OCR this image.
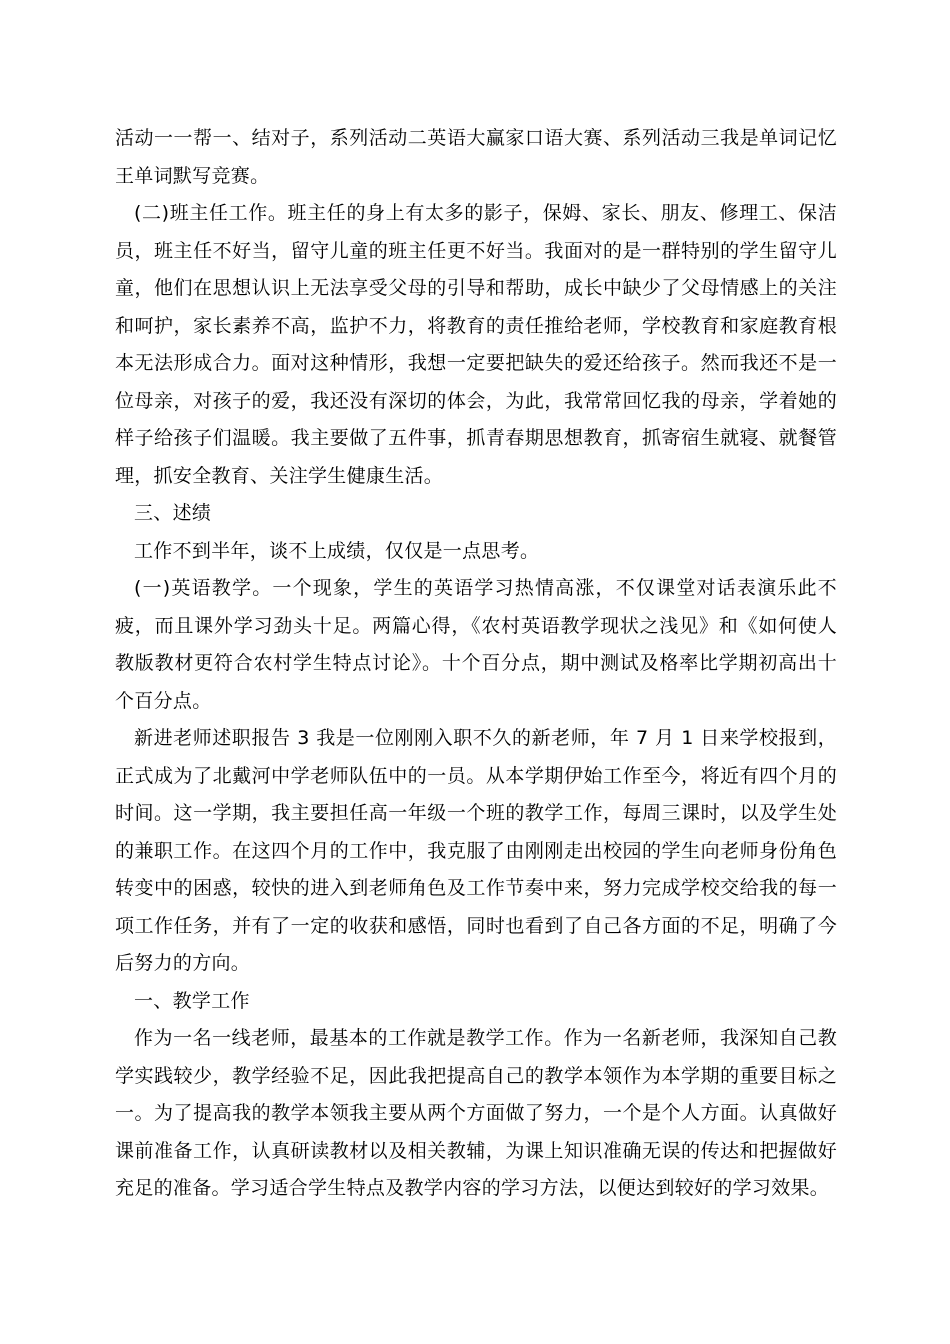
活动一一帮一、结对子，系列活动二英语大赢家口语大赛、系列活动三我是单词记忆王单词默写竞赛。

(二)班主任工作。班主任的身上有太多的影子，保姆、家长、朋友、修理工、保洁员，班主任不好当，留守儿童的班主任更不好当。我面对的是一群特别的学生留守儿童，他们在思想认识上无法享受父母的引导和帮助，成长中缺少了父母情感上的关注和呵护，家长素养不高，监护不力，将教育的责任推给老师，学校教育和家庭教育根本无法形成合力。面对这种情形，我想一定要把缺失的爱还给孩子。然而我还不是一位母亲，对孩子的爱，我还没有深切的体会，为此，我常常回忆我的母亲，学着她的样子给孩子们温暖。我主要做了五件事，抓青春期思想教育，抓寄宿生就寝、就餐管理，抓安全教育、关注学生健康生活。

三、述绩

工作不到半年，谈不上成绩，仅仅是一点思考。

(一)英语教学。一个现象，学生的英语学习热情高涨，不仅课堂对话表演乐此不疲，而且课外学习劲头十足。两篇心得，《农村英语教学现状之浅见》和《如何使人教版教材更符合农村学生特点讨论》。十个百分点，期中测试及格率比学期初高出十个百分点。

新进老师述职报告 3 我是一位刚刚入职不久的新老师，年 7 月 1 日来学校报到，正式成为了北戴河中学老师队伍中的一员。从本学期伊始工作至今，将近有四个月的时间。这一学期，我主要担任高一年级一个班的教学工作，每周三课时，以及学生处的兼职工作。在这四个月的工作中，我克服了由刚刚走出校园的学生向老师身份角色转变中的困惑，较快的进入到老师角色及工作节奏中来，努力完成学校交给我的每一项工作任务，并有了一定的收获和感悟，同时也看到了自己各方面的不足，明确了今后努力的方向。

一、教学工作

作为一名一线老师，最基本的工作就是教学工作。作为一名新老师，我深知自己教学实践较少，教学经验不足，因此我把提高自己的教学本领作为本学期的重要目标之一。为了提高我的教学本领我主要从两个方面做了努力，一个是个人方面。认真做好课前准备工作，认真研读教材以及相关教辅，为课上知识准确无误的传达和把握做好充足的准备。学习适合学生特点及教学内容的学习方法，以便达到较好的学习效果。
